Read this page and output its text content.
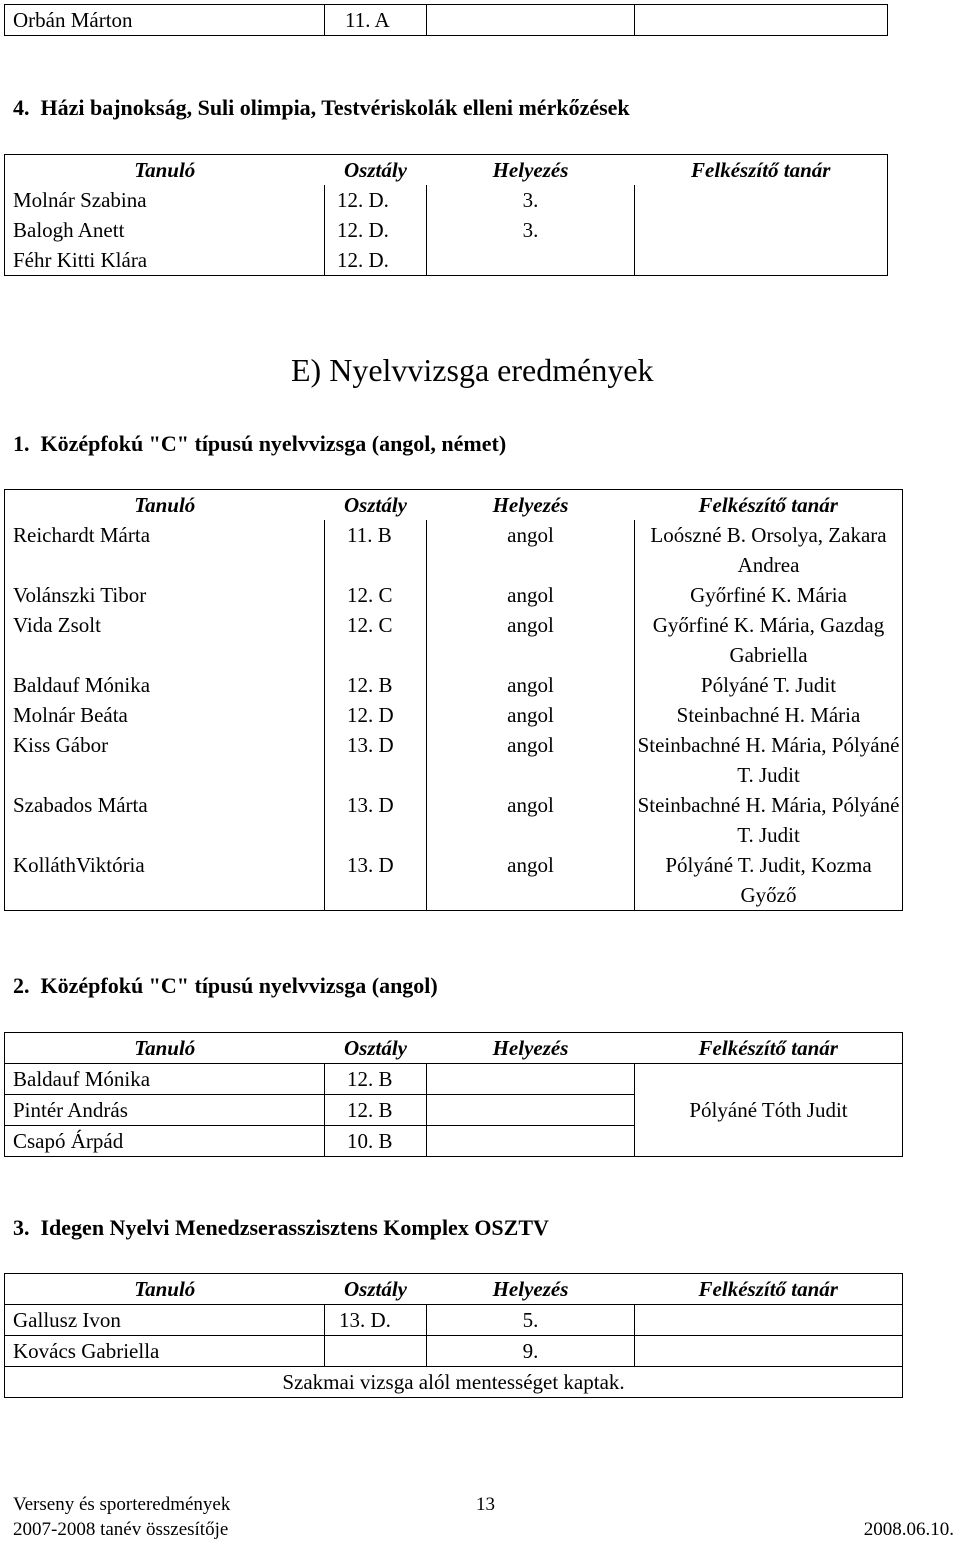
Orbán Márton	11. A		
4.  Házi bajnokság, Suli olimpia, Testvériskolák elleni mérkőzések
Tanuló	Osztály	Helyezés	Felkészítő tanár
Molnár Szabina	12. D.	3.	
Balogh Anett	12. D.	3.	
Féhr Kitti Klára	12. D.		
E) Nyelvvizsga eredmények
1.  Középfokú "C" típusú nyelvvizsga (angol, német)
Tanuló	Osztály	Helyezés	Felkészítő tanár
Reichardt Márta	11. B	angol	Loószné B. Orsolya, Zakara Andrea
Volánszki Tibor	12. C	angol	Győrfiné K. Mária
Vida Zsolt	12. C	angol	Győrfiné K. Mária, Gazdag Gabriella
Baldauf Mónika	12. B	angol	Pólyáné T. Judit
Molnár Beáta	12. D	angol	Steinbachné H. Mária
Kiss Gábor	13. D	angol	Steinbachné H. Mária, Pólyáné T. Judit
Szabados Márta	13. D	angol	Steinbachné H. Mária, Pólyáné T. Judit
KolláthViktória	13. D	angol	Pólyáné T. Judit, Kozma Győző
2.  Középfokú "C" típusú nyelvvizsga (angol)
Tanuló	Osztály	Helyezés	Felkészítő tanár
Baldauf Mónika	12. B		Pólyáné Tóth Judit
Pintér András	12. B		
Csapó Árpád	10. B		
3.  Idegen Nyelvi Menedzserasszisztens Komplex OSZTV
Tanuló	Osztály	Helyezés	Felkészítő tanár
Gallusz Ivon	13. D.	5.	
Kovács Gabriella		9.	
Szakmai vizsga alól mentességet kaptak.			
Verseny és sporteredmények	13
2007-2008 tanév összesítője	2008.06.10.
